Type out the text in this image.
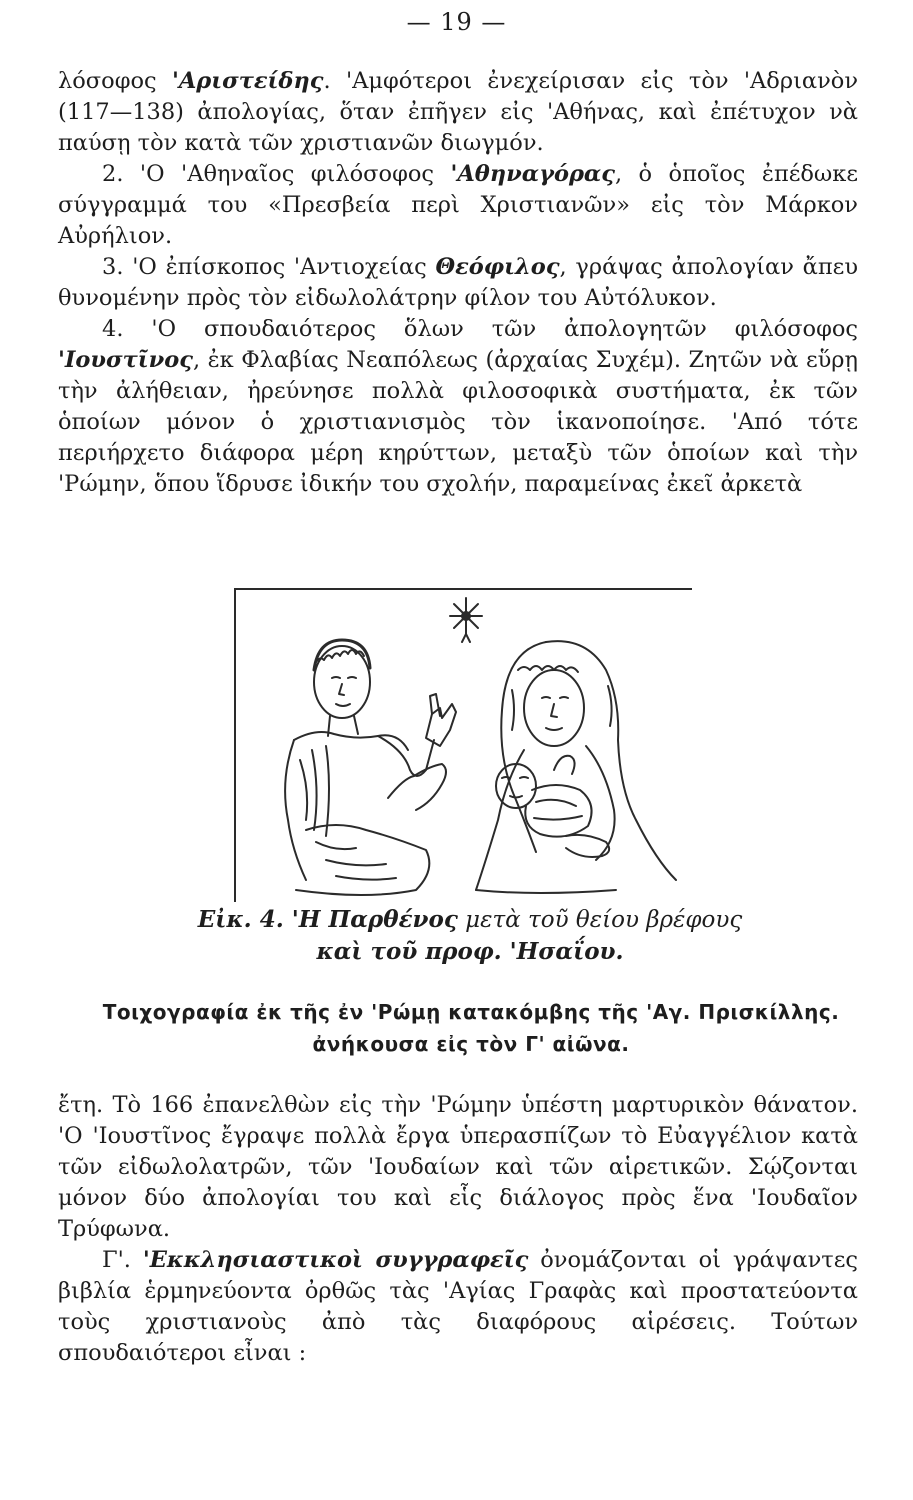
— 19 —

λόσοφος 'Αριστείδης. 'Αμφότεροι ἐνεχείρισαν εἰς τὸν 'Αδριανὸν (117—138) ἀπολογίας, ὅταν ἐπῆγεν εἰς 'Αθήνας, καὶ ἐπέτυχον νὰ παύσῃ τὸν κατὰ τῶν χριστιανῶν διωγμόν.

2. 'Ο 'Αθηναῖος φιλόσοφος 'Αθηναγόρας, ὁ ὁποῖος ἐπέδωκε σύγγραμμά του «Πρεσβεία περὶ Χριστιανῶν» εἰς τὸν Μάρκον Αὐρήλιον.

3. 'Ο ἐπίσκοπος 'Αντιοχείας Θεόφιλος, γράψας ἀπολογίαν ἄπευ θυνομένην πρὸς τὸν εἰδωλολάτρην φίλον του Αὐτόλυκον.

4. 'Ο σπουδαιότερος ὅλων τῶν ἀπολογητῶν φιλόσοφος 'Ιουστῖνος, ἐκ Φλαβίας Νεαπόλεως (ἀρχαίας Συχέμ). Ζητῶν νὰ εὕρῃ τὴν ἀλήθειαν, ἠρεύνησε πολλὰ φιλοσοφικὰ συστήματα, ἐκ τῶν ὁποίων μόνον ὁ χριστιανισμὸς τὸν ἱκανοποίησε. 'Από τότε περιήρχετο διάφορα μέρη κηρύττων, μεταξὺ τῶν ὁποίων καὶ τὴν 'Ρώμην, ὅπου ἵδρυσε ἰδικήν του σχολήν, παραμείνας ἐκεῖ ἀρκετὰ

Εἰκ. 4. 'Η Παρθένος μετὰ τοῦ θείου βρέφους
καὶ τοῦ προφ. 'Ησαΐου.
Τοιχογραφία ἐκ τῆς ἐν 'Ρώμῃ κατακόμβης τῆς 'Αγ. Πρισκίλλης.
ἀνήκουσα εἰς τὸν Γ' αἰῶνα.

ἔτη. Τὸ 166 ἐπανελθὼν εἰς τὴν 'Ρώμην ὑπέστη μαρτυρικὸν θάνατον. 'Ο 'Ιουστῖνος ἔγραψε πολλὰ ἔργα ὑπερασπίζων τὸ Εὐαγγέλιον κατὰ τῶν εἰδωλολατρῶν, τῶν 'Ιουδαίων καὶ τῶν αἱρετικῶν. Σῴζονται μόνον δύο ἀπολογίαι του καὶ εἷς διάλογος πρὸς ἕνα 'Ιουδαῖον Τρύφωνα.

Γ'. 'Εκκλησιαστικοὶ συγγραφεῖς ὀνομάζονται οἱ γράψαντες βιβλία ἑρμηνεύοντα ὀρθῶς τὰς 'Αγίας Γραφὰς καὶ προστατεύοντα τοὺς χριστιανοὺς ἀπὸ τὰς διαφόρους αἱρέσεις. Τούτων σπουδαιότεροι εἶναι :
